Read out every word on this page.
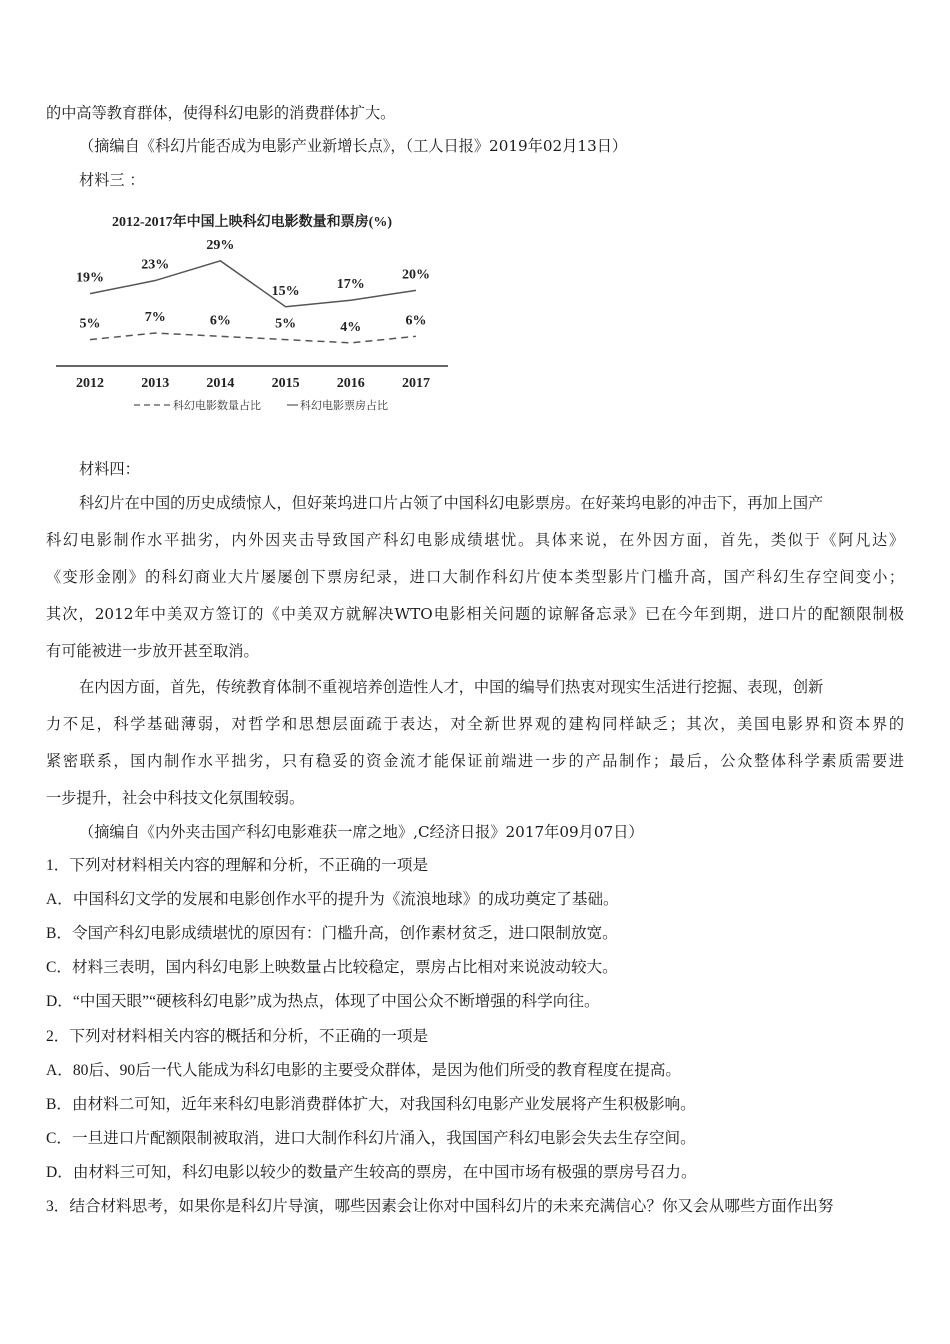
的中高等教育群体，使得科幻电影的消费群体扩大。
（摘编自《科幻片能否成为电影产业新增长点》，（工人日报》2019年02月13日）
材料三 ：
2012-2017年中国上映科幻电影数量和票房(%)
19%
23%
29%
15%	17%
20%
5%	7%	6%	5%	4%	6%
2012	2013	2014	2015	2016	2017
科幻电影数量占比	科幻电影票房占比
材料四：
科幻片在中国的历史成绩惊人，但好莱坞进口片占领了中国科幻电影票房。在好莱坞电影的冲击下，再加上国产
科幻电影制作水平拙劣，内外因夹击导致国产科幻电影成绩堪忧。具体来说，在外因方面，首先，类似于《阿凡达》
《变形金刚》的科幻商业大片屡屡创下票房纪录，进口大制作科幻片使本类型影片门槛升高，国产科幻生存空间变小；
其次，2012年中美双方签订的《中美双方就解决WTO电影相关问题的谅解备忘录》已在今年到期，进口片的配额限制极
有可能被进一步放开甚至取消。
在内因方面，首先，传统教育体制不重视培养创造性人才，中国的编导们热衷对现实生活进行挖掘、表现，创新
力不足，科学基础薄弱，对哲学和思想层面疏于表达，对全新世界观的建构同样缺乏；其次，美国电影界和资本界的
紧密联系，国内制作水平拙劣，只有稳妥的资金流才能保证前端进一步的产品制作；最后，公众整体科学素质需要进
一步提升，社会中科技文化氛围较弱。
（摘编自《内外夹击国产科幻电影难获一席之地》,C经济日报》2017年09月07日）
1．下列对材料相关内容的理解和分析，不正确的一项是
A．中国科幻文学的发展和电影创作水平的提升为《流浪地球》的成功奠定了基础。
B．令国产科幻电影成绩堪忧的原因有：门槛升高，创作素材贫乏，进口限制放宽。
C．材料三表明，国内科幻电影上映数量占比较稳定，票房占比相对来说波动较大。
D．“中国天眼”“硬核科幻电影”成为热点，体现了中国公众不断增强的科学向往。
2．下列对材料相关内容的概括和分析，不正确的一项是
A．80后、90后一代人能成为科幻电影的主要受众群体，是因为他们所受的教育程度在提高。
B．由材料二可知，近年来科幻电影消费群体扩大，对我国科幻电影产业发展将产生积极影响。
C．一旦进口片配额限制被取消，进口大制作科幻片涌入，我国国产科幻电影会失去生存空间。
D．由材料三可知，科幻电影以较少的数量产生较高的票房，在中国市场有极强的票房号召力。
3．结合材料思考，如果你是科幻片导演，哪些因素会让你对中国科幻片的未来充满信心？你又会从哪些方面作出努
